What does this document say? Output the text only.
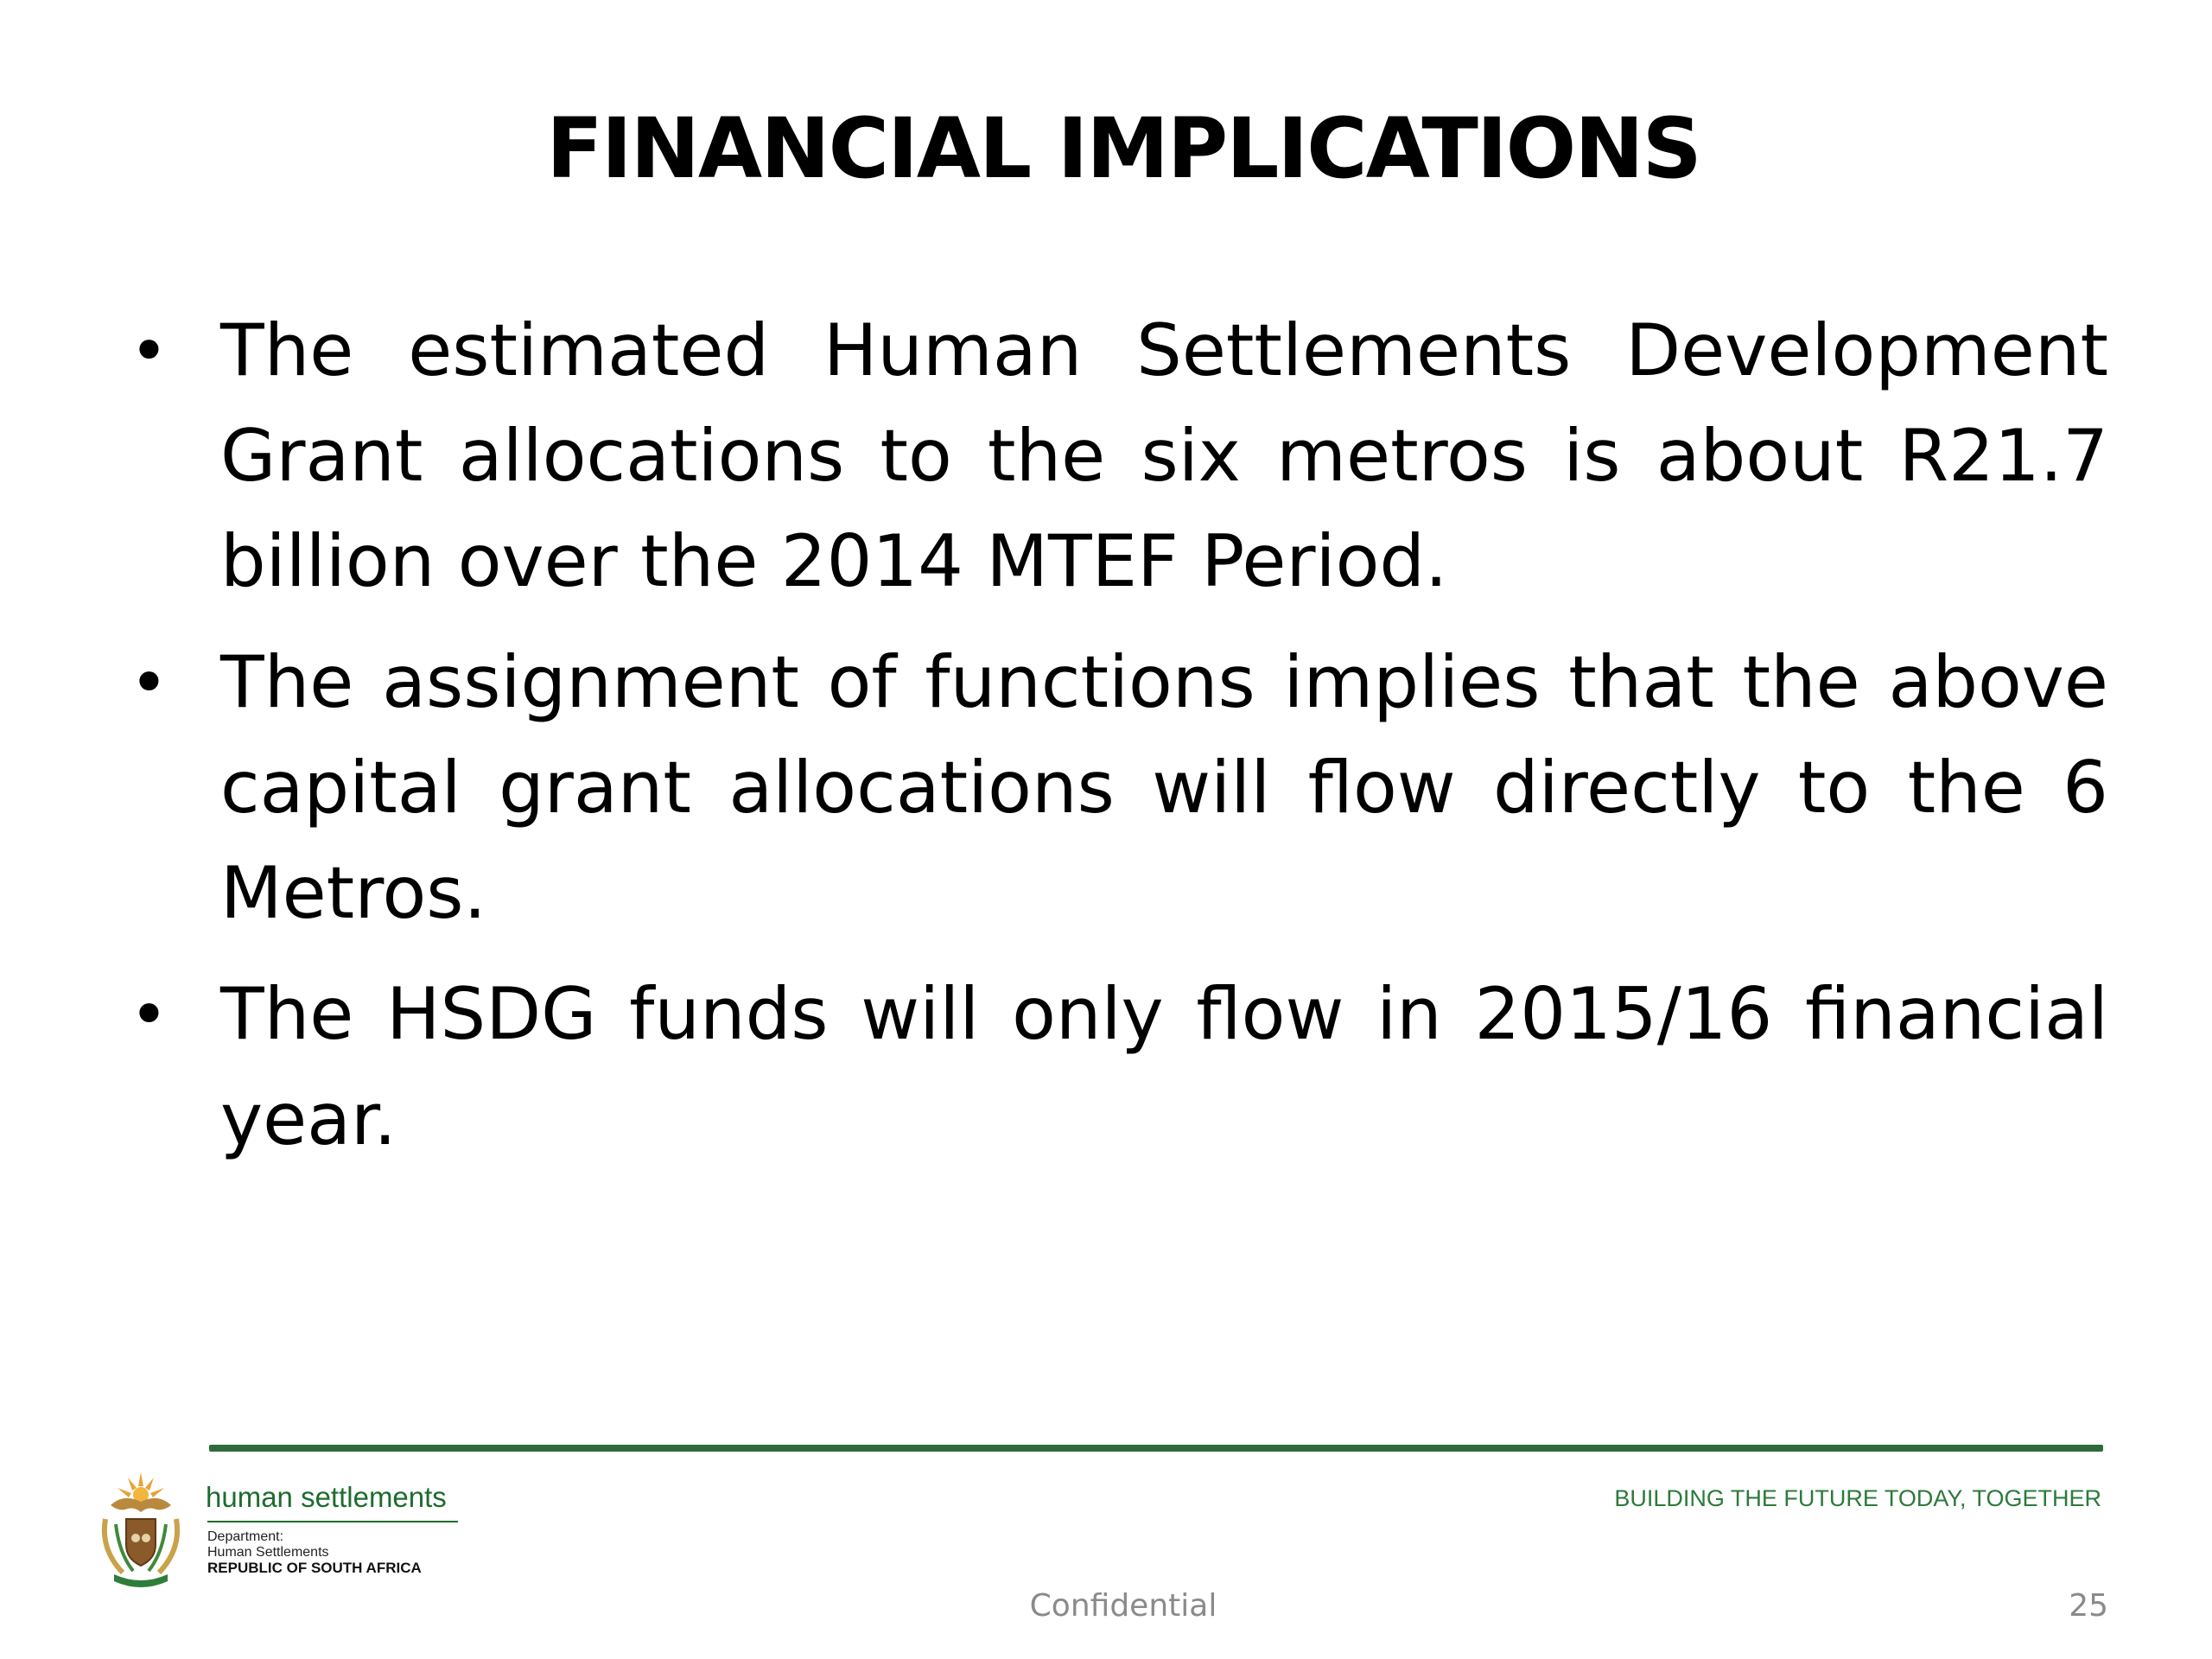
FINANCIAL IMPLICATIONS
• The estimated Human Settlements Development Grant allocations to the six metros is about R21.7 billion over the 2014 MTEF Period.
• The assignment of functions implies that the above capital grant allocations will flow directly to the 6 Metros.
• The HSDG funds will only flow in 2015/16 financial year.
human settlements
Department:
Human Settlements
REPUBLIC OF SOUTH AFRICA
BUILDING THE FUTURE TODAY, TOGETHER
Confidential	25
